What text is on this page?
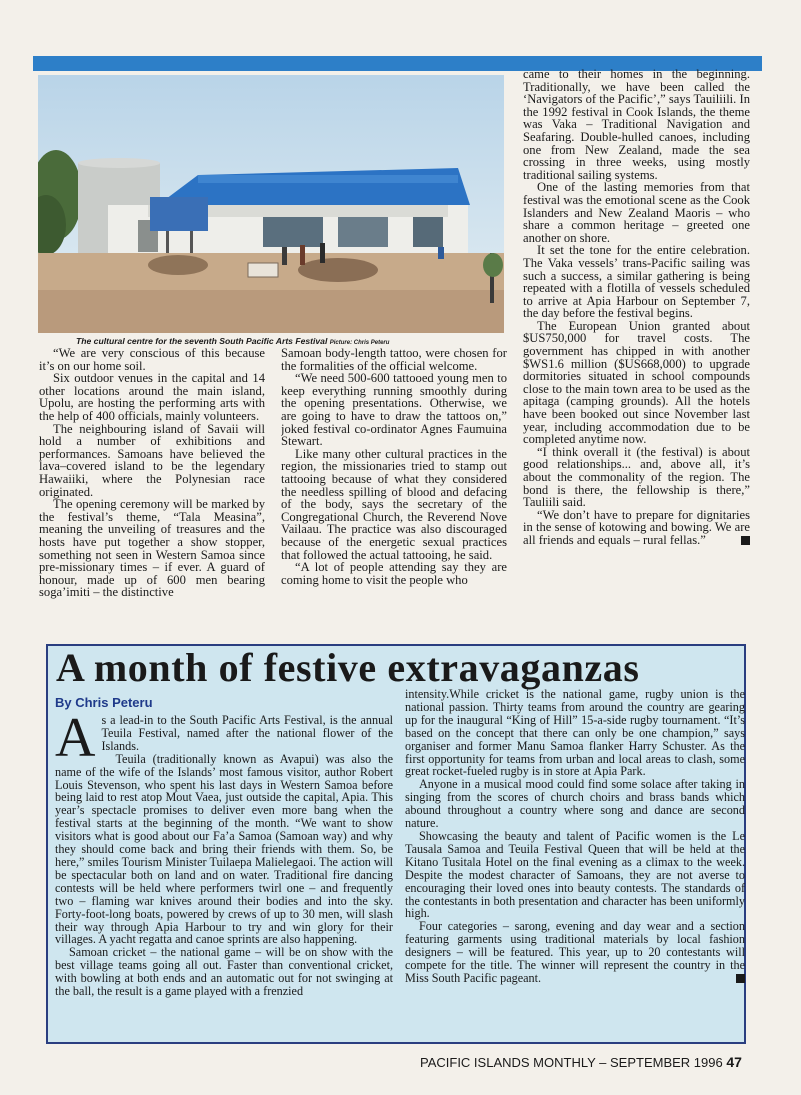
The cultural centre for the seventh South Pacific Arts Festival Picture: Chris Peteru

“We are very conscious of this because it’s on our home soil.

Six outdoor venues in the capital and 14 other locations around the main island, Upolu, are hosting the performing arts with the help of 400 officials, mainly volunteers.

The neighbouring island of Savaii will hold a number of exhibitions and performances. Samoans have believed the lava–covered island to be the legendary Hawaiiki, where the Polynesian race originated.

The opening ceremony will be marked by the festival’s theme, “Tala Measina”, meaning the unveiling of treasures and the hosts have put together a show stopper, something not seen in Western Samoa since pre-missionary times – if ever. A guard of honour, made up of 600 men bearing soga’imiti – the distinctive

Samoan body-length tattoo, were chosen for the formalities of the official welcome.

“We need 500-600 tattooed young men to keep everything running smoothly during the opening presentations. Otherwise, we are going to have to draw the tattoos on,” joked festival co-ordinator Agnes Faumuina Stewart.

Like many other cultural practices in the region, the missionaries tried to stamp out tattooing because of what they considered the needless spilling of blood and defacing of the body, says the secretary of the Congregational Church, the Reverend Nove Vailaau. The practice was also discouraged because of the energetic sexual practices that followed the actual tattooing, he said.

“A lot of people attending say they are coming home to visit the people who

came to their homes in the beginning. Traditionally, we have been called the ‘Navigators of the Pacific’,” says Tauiliili. In the 1992 festival in Cook Islands, the theme was Vaka – Traditional Navigation and Seafaring. Double-hulled canoes, including one from New Zealand, made the sea crossing in three weeks, using mostly traditional sailing systems.

One of the lasting memories from that festival was the emotional scene as the Cook Islanders and New Zealand Maoris – who share a common heritage – greeted one another on shore.

It set the tone for the entire celebration. The Vaka vessels’ trans-Pacific sailing was such a success, a similar gathering is being repeated with a flotilla of vessels scheduled to arrive at Apia Harbour on September 7, the day before the festival begins.

The European Union granted about $US750,000 for travel costs. The government has chipped in with another $WS1.6 million ($US668,000) to upgrade dormitories situated in school compounds close to the main town area to be used as the apitaga (camping grounds). All the hotels have been booked out since November last year, including accommodation due to be completed anytime now.

“I think overall it (the festival) is about good relationships... and, above all, it’s about the commonality of the region. The bond is there, the fellowship is there,” Tauliili said.

“We don’t have to prepare for dignitaries in the sense of kotowing and bowing. We are all friends and equals – rural fellas.”

A month of festive extravaganzas
By Chris Peteru

As a lead-in to the South Pacific Arts Festival, is the annual Teuila Festival, named after the national flower of the Islands.

Teuila (traditionally known as Avapui) was also the name of the wife of the Islands’ most famous visitor, author Robert Louis Stevenson, who spent his last days in Western Samoa before being laid to rest atop Mout Vaea, just outside the capital, Apia. This year’s spectacle promises to deliver even more bang when the festival starts at the beginning of the month. “We want to show visitors what is good about our Fa’a Samoa (Samoan way) and why they should come back and bring their friends with them. So, be here,” smiles Tourism Minister Tuilaepa Malielegaoi. The action will be spectacular both on land and on water. Traditional fire dancing contests will be held where performers twirl one – and frequently two – flaming war knives around their bodies and into the sky. Forty-foot-long boats, powered by crews of up to 30 men, will slash their way through Apia Harbour to try and win glory for their villages. A yacht regatta and canoe sprints are also happening.

Samoan cricket – the national game – will be on show with the best village teams going all out. Faster than conventional cricket, with bowling at both ends and an automatic out for not swinging at the ball, the result is a game played with a frenzied

intensity.While cricket is the national game, rugby union is the national passion. Thirty teams from around the country are gearing up for the inaugural “King of Hill” 15-a-side rugby tournament. “It’s based on the concept that there can only be one champion,” says organiser and former Manu Samoa flanker Harry Schuster. As the first opportunity for teams from urban and local areas to clash, some great rocket-fueled rugby is in store at Apia Park.

Anyone in a musical mood could find some solace after taking in singing from the scores of church choirs and brass bands which abound throughout a country where song and dance are second nature.

Showcasing the beauty and talent of Pacific women is the Le Tausala Samoa and Teuila Festival Queen that will be held at the Kitano Tusitala Hotel on the final evening as a climax to the week. Despite the modest character of Samoans, they are not averse to encouraging their loved ones into beauty contests. The standards of the contestants in both presentation and character has been uniformly high.

Four categories – sarong, evening and day wear and a section featuring garments using traditional materials by local fashion designers – will be featured. This year, up to 20 contestants will compete for the title. The winner will represent the country in the Miss South Pacific pageant.

PACIFIC ISLANDS MONTHLY – SEPTEMBER 1996 47
